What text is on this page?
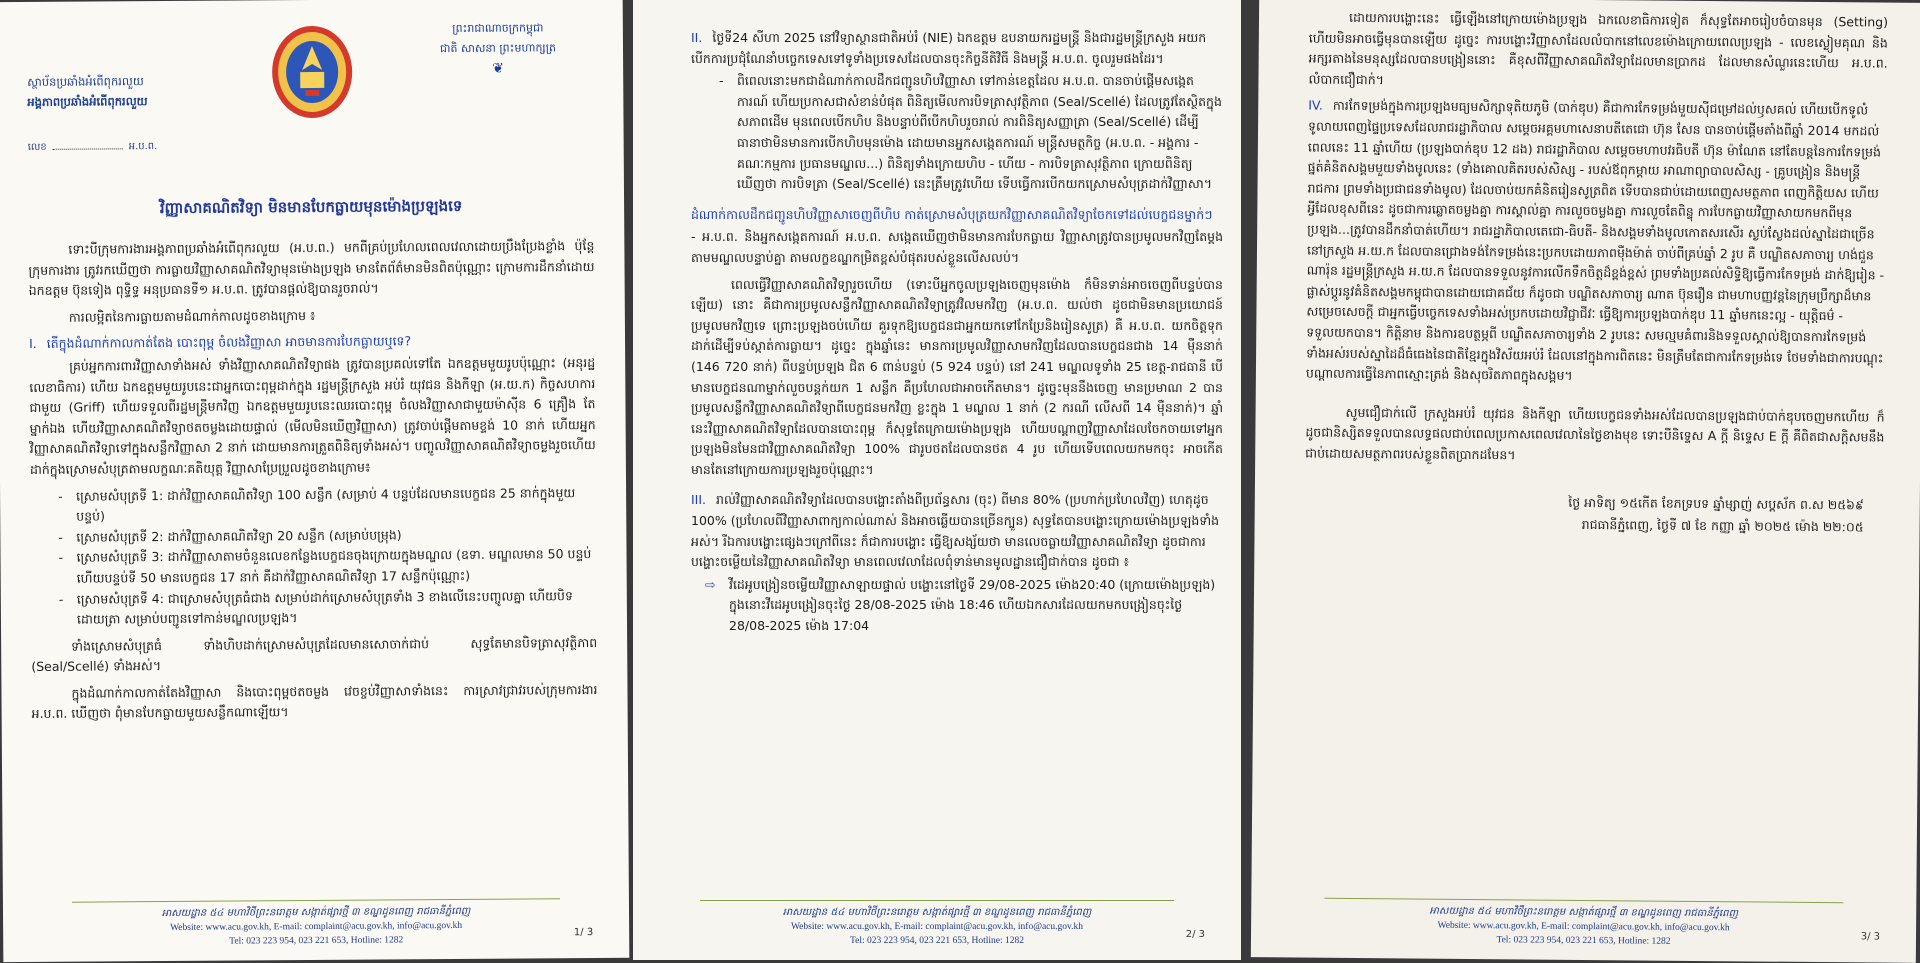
ស្ថាប័នប្រឆាំងអំពើពុករលួយ
អង្គភាពប្រឆាំងអំពើពុករលួយ
ព្រះរាជាណាចក្រកម្ពុជា
ជាតិ សាសនា ព្រះមហាក្សត្រ
❦
លេខ	អ.ប.ព.
វិញ្ញាសាគណិតវិទ្យា មិនមានបែកធ្លាយមុនម៉ោងប្រឡងទេ

ទោះបីក្រុមការងារអង្គភាពប្រឆាំងអំពើពុករលួយ (អ.ប.ព.) មកពីគ្រប់ប្រហែលពេលវេលាដោយប្រឹងប្រែងខ្លាំង ប៉ុន្តែក្រុមការងារ ត្រូវរកឃើញថា ការធ្លាយវិញ្ញាសាគណិតវិទ្យាមុនម៉ោងប្រឡង មានតែព័ត៌មានមិនពិតប៉ុណ្ណោះ ក្រោមការដឹកនាំដោយ ឯកឧត្តម ប៊ុនទៀង ពុទ្ធិទ្ធ អនុប្រធានទី១ អ.ប.ព. ត្រូវបានផ្តល់ឱ្យបានរួចរាល់។

ការលម្អិតនៃការធ្លាយតាមដំណាក់កាលដូចខាងក្រោម ៖

I. តើក្នុងដំណាក់កាលកាត់តែង បោះពុម្ព ចំលងវិញ្ញាសា អាចមានការបែកធ្លាយឬទេ?

គ្រប់អ្នកការពារវិញ្ញាសាទាំងអស់ ទាំងវិញ្ញាសាគណិតវិទ្យាផង ត្រូវបានប្រគល់ទៅតែ ឯកឧត្តមមួយរូបប៉ុណ្ណោះ (អនុរដ្ឋលេខាធិការ) ហើយ ឯកឧត្តមមួយរូបនេះជាអ្នកបោះពុម្ពដាក់ក្នុង រដ្ឋមន្ត្រីក្រសួង អប់រំ យុវជន និងកីឡា (អ.យ.ក) កិច្ចសហការជាមួយ (Griff) ហើយទទួលពីរដ្ឋមន្ត្រីមកវិញ ឯកឧត្តមមួយរូបនេះឈរបោះពុម្ព ចំលងវិញ្ញាសាជាមួយម៉ាស៊ីន 6 គ្រឿង តែម្នាក់ឯង ហើយវិញ្ញាសាគណិតវិទ្យាថតចម្លងដោយផ្ទាល់ (មើលមិនឃើញវិញ្ញាសា) ត្រូវចាប់ផ្តើមតាមខ្ទង់ 10 នាក់ ហើយអ្នកវិញ្ញាសាគណិតវិទ្យាទៅក្នុងសន្លឹកវិញ្ញាសា 2 នាក់ ដោយមានការត្រួតពិនិត្យទាំងអស់។ បញ្ចូលវិញ្ញាសាគណិតវិទ្យាចម្លងរួចហើយ ដាក់ក្នុងស្រោមសំបុត្រតាមលក្ខណៈគតិយុត្ត វិញ្ញាសាប្រែប្រួលដូចខាងក្រោម៖

- ស្រោមសំបុត្រទី 1: ដាក់វិញ្ញាសាគណិតវិទ្យា 100 សន្លឹក (សម្រាប់ 4 បន្ទប់ដែលមានបេក្ខជន 25 នាក់ក្នុងមួយបន្ទប់)
- ស្រោមសំបុត្រទី 2: ដាក់វិញ្ញាសាគណិតវិទ្យា 20 សន្លឹក (សម្រាប់បម្រុង)
- ស្រោមសំបុត្រទី 3: ដាក់វិញ្ញាសាតាមចំនួនលេខកន្លែងបេក្ខជនចុងក្រោយក្នុងមណ្ឌល (ឧទា. មណ្ឌលមាន 50 បន្ទប់ ហើយបន្ទប់ទី 50 មានបេក្ខជន 17 នាក់ គឺដាក់វិញ្ញាសាគណិតវិទ្យា 17 សន្លឹកប៉ុណ្ណោះ)
- ស្រោមសំបុត្រទី 4: ជាស្រោមសំបុត្រធំជាង សម្រាប់ដាក់ស្រោមសំបុត្រទាំង 3 ខាងលើនេះបញ្ចូលគ្នា ហើយបិទដោយត្រា សម្រាប់បញ្ជូនទៅកាន់មណ្ឌលប្រឡង។

ទាំងស្រោមសំបុត្រធំ ទាំងហិបដាក់ស្រោមសំបុត្រដែលមានសោចាក់ជាប់ សុទ្ធតែមានបិទត្រាសុវត្ថិភាព (Seal/Scellé) ទាំងអស់។

ក្នុងដំណាក់កាលកាត់តែងវិញ្ញាសា និងបោះពុម្ពថតចម្លង វេចខ្ចប់វិញ្ញាសាទាំងនេះ ការស្រាវជ្រាវរបស់ក្រុមការងារ អ.ប.ព. ឃើញថា ពុំមានបែកធ្លាយមួយសន្លឹកណាឡើយ។

អាសយដ្ឋាន ៥៤ មហាវិថីព្រះនរោត្តម សង្កាត់ផ្សារថ្មី ៣ ខណ្ឌដូនពេញ រាជធានីភ្នំពេញ
Website: www.acu.gov.kh, E-mail: complaint@acu.gov.kh, info@acu.gov.kh
Tel: 023 223 954, 023 221 653, Hotline: 1282
1/ 3
II. ថ្ងៃទី24 សីហា 2025 នៅវិទ្យាស្ថានជាតិអប់រំ (NIE) ឯកឧត្តម ឧបនាយករដ្ឋមន្ត្រី និងជារដ្ឋមន្ត្រីក្រសួង អយក បើកការប្រជុំណែនាំបច្ចេកទេសទៅទូទាំងប្រទេសដែលបានចុះកិច្ចនីតិវិធី និងមន្ត្រី អ.ប.ព. ចូលរួមផងដែរ។
- ពិពេលនោះមកជាដំណាក់កាលដឹកជញ្ជូនហិបវិញ្ញាសា ទៅកាន់ខេត្តដែល អ.ប.ព. បានចាប់ផ្តើមសង្កេតការណ៍ ហើយប្រកាសជាសំខាន់បំផុត ពិនិត្យមើលការបិទត្រាសុវត្ថិភាព (Seal/Scellé) ដែលត្រូវតែស្ថិតក្នុងសភាពដើម មុនពេលបើកហិប និងបន្ទាប់ពីបើកហិបរួចរាល់ ការពិនិត្យសញ្ញាត្រា (Seal/Scellé) ដើម្បីធានាថាមិនមានការបើកហិបមុនម៉ោង ដោយមានអ្នកសង្កេតការណ៍ មន្ត្រីសមត្ថកិច្ច (អ.ប.ព. - អង្គការ - គណៈកម្មការ ប្រធានមណ្ឌល...) ពិនិត្យទាំងក្រោយហិប - ហេីយ - ការបិទត្រាសុវត្ថិភាព ក្រោយពិនិត្យឃើញថា ការបិទត្រា (Seal/Scellé) នេះត្រឹមត្រូវហើយ ទើបធ្វើការបើកយកស្រោមសំបុត្រដាក់វិញ្ញាសា។
ដំណាក់កាលដឹកជញ្ជូនហិបវិញ្ញាសាចេញពីហិប កាត់ស្រោមសំបុត្រយកវិញ្ញាសាគណិតវិទ្យាចែកទៅដល់បេក្ខជនម្នាក់ៗ

- អ.ប.ព. និងអ្នកសង្កេតការណ៍ អ.ប.ព. សង្កេតឃើញថាមិនមានការបែកធ្លាយ វិញ្ញាសាត្រូវបានប្រមូលមកវិញតែម្តងតាមមណ្ឌលបន្ទាប់គ្នា តាមលក្ខខណ្ឌកម្រិតខ្ពស់បំផុតរបស់ខ្លួនលើសលប់។

ពេលធ្វើវិញ្ញាសាគណិតវិទ្យារួចហើយ (ទោះបីអ្នកចូលប្រឡងចេញមុនម៉ោង ក៏មិនទាន់អាចចេញពីបន្ទប់បានឡើយ) នោះ គឺជាការប្រមូលសន្លឹកវិញ្ញាសាគណិតវិទ្យាត្រូវវិលមកវិញ (អ.ប.ព. យល់ថា ដូចជាមិនមានប្រយោជន៍ប្រមូលមកវិញទេ ព្រោះប្រឡងចប់ហើយ គួរទុកឱ្យបេក្ខជនជាអ្នកយកទៅកែប្រែនិងរៀនសូត្រ) គឺ អ.ប.ព. យកចិត្តទុកដាក់ដើម្បីទប់ស្កាត់ការធ្លាយ។ ដូច្នេះ ក្នុងឆ្នាំនេះ មានការប្រមូលវិញ្ញាសាមកវិញដែលបានបេក្ខជនជាង 14 ម៉ឺននាក់ (146 720 នាក់) ពីបន្ទប់ប្រឡង ជិត 6 ពាន់បន្ទប់ (5 924 បន្ទប់) នៅ 241 មណ្ឌលទូទាំង 25 ខេត្ត-រាជធានី បើមានបេក្ខជនណាម្នាក់លួចបន្តក់យក 1 សន្លឹក គឺប្រហែលជាអាចកើតមាន។ ដូច្នេះមុននឹងចេញ មានប្រមាណ 2 បានប្រមូលសន្លឹកវិញ្ញាសាគណិតវិទ្យាពីបេក្ខជនមកវិញ ខ្លះក្នុង 1 មណ្ឌល 1 នាក់ (2 ករណី លើសពី 14 ម៉ឺននាក់)។ ឆ្នាំនេះវិញ្ញាសាគណិតវិទ្យាដែលបានបោះពុម្ព ក៏សុទ្ធតែក្រោយម៉ោងប្រឡង ហើយបណ្តាញវិញ្ញាសាដែលចែកចាយទៅអ្នកប្រឡងមិនមែនជាវិញ្ញាសាគណិតវិទ្យា 100% ជារូបថតដែលបានថត 4 រូប ហើយទើបពេលយកមកចុះ អាចកើតមានតែនៅក្រោយការប្រឡងរួចប៉ុណ្ណោះ។

III. រាល់វិញ្ញាសាគណិតវិទ្យាដែលបានបង្ហោះតាំងពីប្រព័ន្ធសារ (ចុះ) ពីមាន 80% (ប្រហាក់ប្រហែលវិញ) ហេតុដូច 100% (ប្រហែលពីវិញ្ញាសាពាក្យកាល់ណាស់ និងអាចឆ្លើយបានច្រើនក្បួន) សុទ្ធតែបានបង្ហោះក្រោយម៉ោងប្រឡងទាំងអស់។ រីឯការបង្ហោះផ្សេងៗក្រៅពីនេះ ក៏ជាការបង្ហោះ ធ្វើឱ្យសង្ស័យថា មានលេចធ្លាយវិញ្ញាសាគណិតវិទ្យា ដូចជាការបង្ហោះចម្លើយនៃវិញ្ញាសាគណិតវិទ្យា មានពេលវេលាដែលពុំទាន់មានមូលដ្ឋានជឿជាក់បាន ដូចជា ៖
⇨ វីដេអូបង្រៀនចម្លើយវិញ្ញាសាឡាយផ្ទាល់ បង្ហោះនៅថ្ងៃទី 29/08-2025 ម៉ោង20:40 (ក្រោយម៉ោងប្រឡង) ក្នុងនោះវីដេអូបង្រៀនចុះថ្ងៃ 28/08-2025 ម៉ោង 18:46 ហើយឯកសារដែលយកមកបង្រៀនចុះថ្ងៃ 28/08-2025 ម៉ោង 17:04
អាសយដ្ឋាន ៥៤ មហាវិថីព្រះនរោត្តម សង្កាត់ផ្សារថ្មី ៣ ខណ្ឌដូនពេញ រាជធានីភ្នំពេញ
Website: www.acu.gov.kh, E-mail: complaint@acu.gov.kh, info@acu.gov.kh
Tel: 023 223 954, 023 221 653, Hotline: 1282
2/ 3

ដោយការបង្ហោះនេះ ធ្វើឡើងនៅក្រោយម៉ោងប្រឡង ឯកលេខាធិការទៀត ក៏សុទ្ធតែអាចរៀបចំបានមុន (Setting) ហើយមិនអាចធ្វើមុនបានឡើយ ដូច្នេះ ការបង្ហោះវិញ្ញាសាដែលលំបាកនៅលេខម៉ោងក្រោយពេលប្រឡង - លេខស្ងៀមគុណ និងអក្សរតាងនៃមនុស្សដែលបានបង្រៀននោះ គឺខុសពីវិញ្ញាសាគណិតវិទ្យាដែលមានប្រាកដ ដែលមានសំណួរនេះហើយ អ.ប.ព. លំបាកជឿជាក់។

IV. ការកែទម្រង់ក្នុងការប្រឡងមធ្យមសិក្សាទុតិយភូមិ (បាក់ឌុប) គឺជាការកែទម្រង់មួយស៊ីជម្រៅដល់ឫសគល់ ហើយបើកទូលំទូលាយពេញផ្ទៃប្រទេសដែលរាជរដ្ឋាភិបាល សម្តេចអគ្គមហាសេនាបតីតេជោ ហ៊ុន សែន បានចាប់ផ្តើមតាំងពីឆ្នាំ 2014 មកដល់ពេលនេះ 11 ឆ្នាំហើយ (ប្រឡងបាក់ឌុប 12 ដង) រាជរដ្ឋាភិបាល សម្តេចមហាបវរធិបតី ហ៊ុន ម៉ាណែត នៅតែបន្តនៃការកែទម្រង់ផ្នត់គំនិតសង្គមមួយទាំងមូលនេះ (ទាំងគោលគិតរបស់សិស្ស - របស់ឪពុកម្តាយ អាណាព្យាបាលសិស្ស - គ្រូបង្រៀន និងមន្ត្រីរាជការ ព្រមទាំងប្រជាជនទាំងមូល) ដែលចាប់យកគំនិតរៀនសូត្រពិត ទើបបានជាប់ដោយពេញសមត្ថភាព ពេញកិត្តិយស ហើយអ្វីដែលខុសពីនេះ ដូចជាការឆ្លោតចម្លងគ្នា ការស្គាល់គ្នា ការលួចចម្លងគ្នា ការលួចតែពិន្ទុ ការបែកធ្លាយវិញ្ញាសាយកមកពីមុនប្រឡង...ត្រូវបានដឹកនាំបាត់ហើយ។ រាជរដ្ឋាភិបាលតេជោ-ធិបតី- និងសង្គមទាំងមូលកោតសរសើរ ស្ងប់ស្ងែងដល់ស្នាដៃជាច្រើននៅក្រសួង អ.យ.ក ដែលបានជ្រោងទង់កែទម្រង់នេះប្រកបដោយភាពម៉ឺងម៉ាត់ ចាប់ពីគ្រប់ឆ្នាំ 2 រូប គឺ បណ្ឌិតសភាចារ្យ ហង់ជួន ណារ៉ុន រដ្ឋមន្ត្រីក្រសួង អ.យ.ក ដែលបានទទួលនូវការលើកទឹកចិត្តដ៏ខ្ពង់ខ្ពស់ ព្រមទាំងប្រគល់សិទ្ធិឱ្យធ្វើការកែទម្រង់ ដាក់ឱ្យរៀន - ផ្លាស់ប្តូរនូវគំនិតសង្គមកម្ពុជាបានដោយជោគជ័យ ក៏ដូចជា បណ្ឌិតសភាចារ្យ ណាត ប៊ុនរឿន ជាមហាបញ្ញវន្តនៃក្រុមប្រឹក្សាដ៏មានសម្រេចសេចក្តី ជាអ្នកធ្វើបច្ចេកទេសទាំងអស់ប្រកបដោយវិជ្ជាជីវៈ ធ្វើឱ្យការប្រឡងបាក់ឌុប 11 ឆ្នាំមកនេះល្អ - យុត្តិធម៌ - ទទួលយកបាន។ កិត្តិនាម និងការឧបត្ថម្ភពី បណ្ឌិតសភាចារ្យទាំង 2 រូបនេះ សមល្មមគំពារនិងទទួលស្គាល់ឱ្យបានការកែទម្រង់ទាំងអស់របស់ស្នាដៃដ៏ធំធេងនៃជាតិខ្មែរក្នុងវិស័យអប់រំ ដែលនៅក្នុងការពិតនេះ មិនត្រឹមតែជាការកែទម្រង់ទេ ថែមទាំងជាការបណ្តុះបណ្តាលការធ្វើនៃភាពស្មោះត្រង់ និងសុចរិតភាពក្នុងសង្គម។

សូមជឿជាក់លើ ក្រសួងអប់រំ យុវជន និងកីឡា ហើយបេក្ខជនទាំងអស់ដែលបានប្រឡងជាប់បាក់ឌុបចេញមកហើយ ក៏ដូចជានិស្សិតទទួលបានលទ្ធផលជាប់ពេលប្រកាសពេលវេលានៃថ្ងៃខាងមុខ ទោះបីនិទ្ទេស A ក្តី និទ្ទេស E ក្តី គឺពិតជាសក្តិសមនឹងជាប់ដោយសមត្ថភាពរបស់ខ្លួនពិតប្រាកដមែន។

ថ្ងៃ អាទិត្យ ១៥កើត ខែភទ្របទ ឆ្នាំម្សាញ់ សប្តស័ក ព.ស ២៥៦៩
រាជធានីភ្នំពេញ, ថ្ងៃទី ៧ ខែ កញ្ញា ឆ្នាំ ២០២៥ ម៉ោង ២២:០៥
អាសយដ្ឋាន ៥៤ មហាវិថីព្រះនរោត្តម សង្កាត់ផ្សារថ្មី ៣ ខណ្ឌដូនពេញ រាជធានីភ្នំពេញ
Website: www.acu.gov.kh, E-mail: complaint@acu.gov.kh, info@acu.gov.kh
Tel: 023 223 954, 023 221 653, Hotline: 1282	3/ 3
